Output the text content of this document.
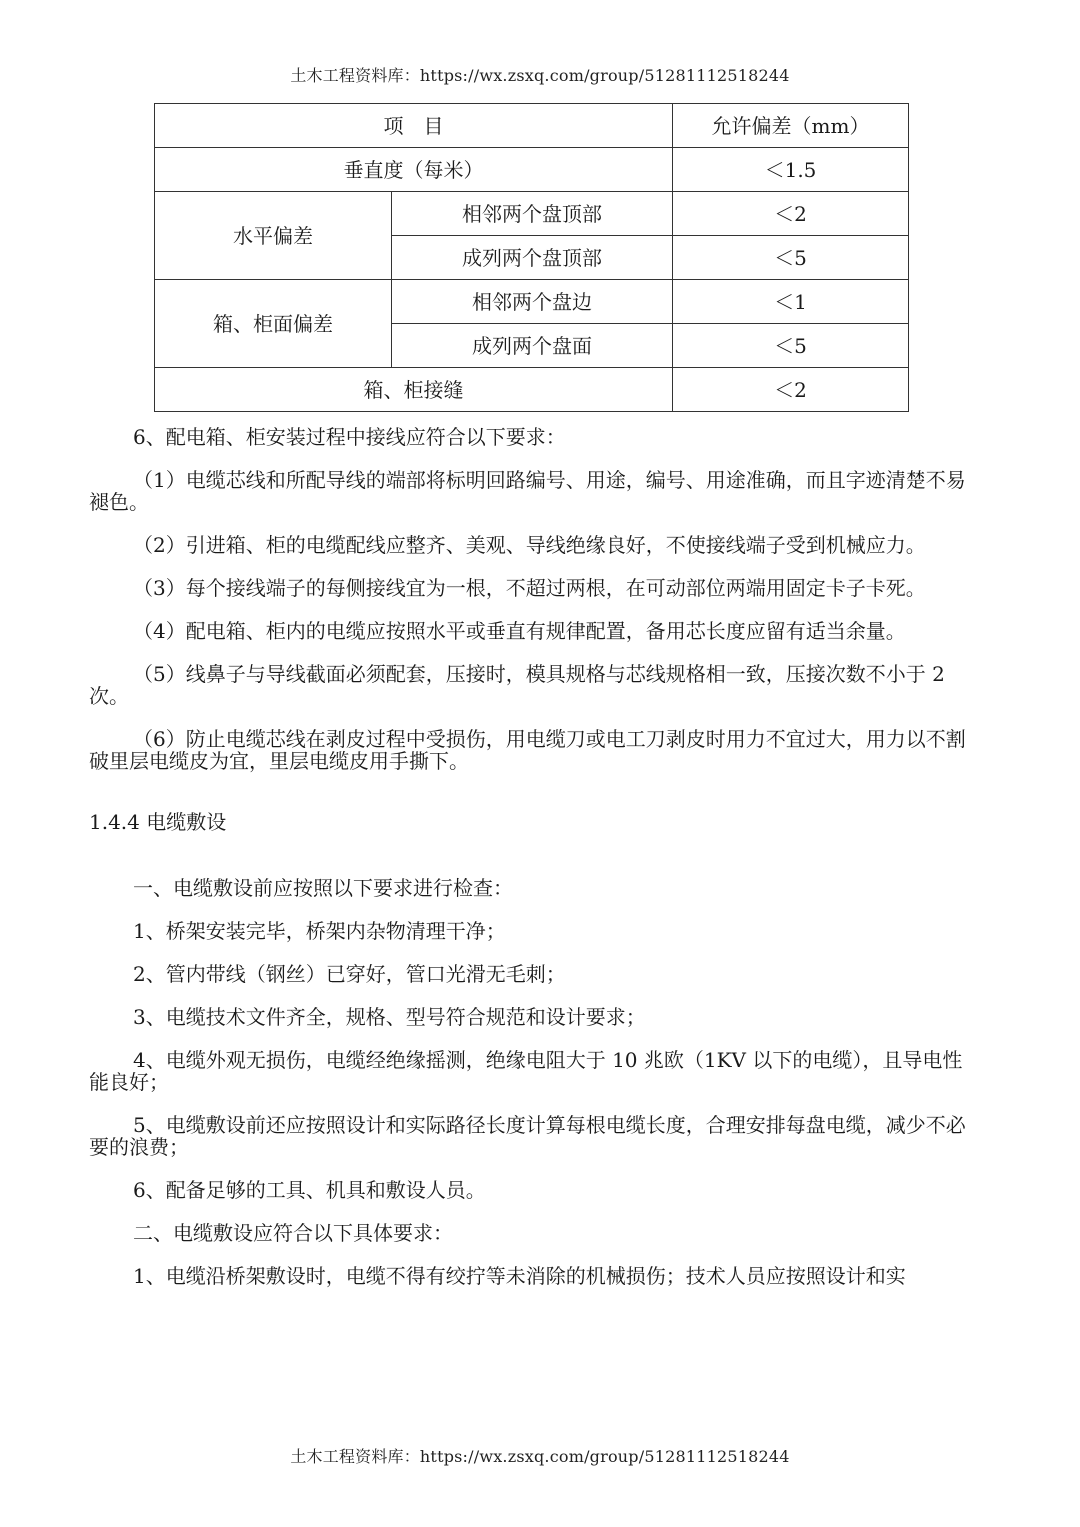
土木工程资料库：https://wx.zsxq.com/group/51281112518244
项　目		允许偏差（mm）
垂直度（每米）		＜1.5
水平偏差	相邻两个盘顶部	＜2
	成列两个盘顶部	＜5
箱、柜面偏差	相邻两个盘边	＜1
	成列两个盘面	＜5
箱、柜接缝		＜2

6、配电箱、柜安装过程中接线应符合以下要求：

（1）电缆芯线和所配导线的端部将标明回路编号、用途，编号、用途准确，而且字迹清楚不易褪色。

（2）引进箱、柜的电缆配线应整齐、美观、导线绝缘良好，不使接线端子受到机械应力。

（3）每个接线端子的每侧接线宜为一根，不超过两根，在可动部位两端用固定卡子卡死。

（4）配电箱、柜内的电缆应按照水平或垂直有规律配置，备用芯长度应留有适当余量。

（5）线鼻子与导线截面必须配套，压接时，模具规格与芯线规格相一致，压接次数不小于 2 次。

（6）防止电缆芯线在剥皮过程中受损伤，用电缆刀或电工刀剥皮时用力不宜过大，用力以不割破里层电缆皮为宜，里层电缆皮用手撕下。

1.4.4 电缆敷设

一、电缆敷设前应按照以下要求进行检查：

1、桥架安装完毕，桥架内杂物清理干净；

2、管内带线（钢丝）已穿好，管口光滑无毛刺；

3、电缆技术文件齐全，规格、型号符合规范和设计要求；

4、电缆外观无损伤，电缆经绝缘摇测，绝缘电阻大于 10 兆欧（1KV 以下的电缆），且导电性能良好；

5、电缆敷设前还应按照设计和实际路径长度计算每根电缆长度，合理安排每盘电缆，减少不必要的浪费；

6、配备足够的工具、机具和敷设人员。

二、电缆敷设应符合以下具体要求：

1、电缆沿桥架敷设时，电缆不得有绞拧等未消除的机械损伤；技术人员应按照设计和实

土木工程资料库：https://wx.zsxq.com/group/51281112518244
